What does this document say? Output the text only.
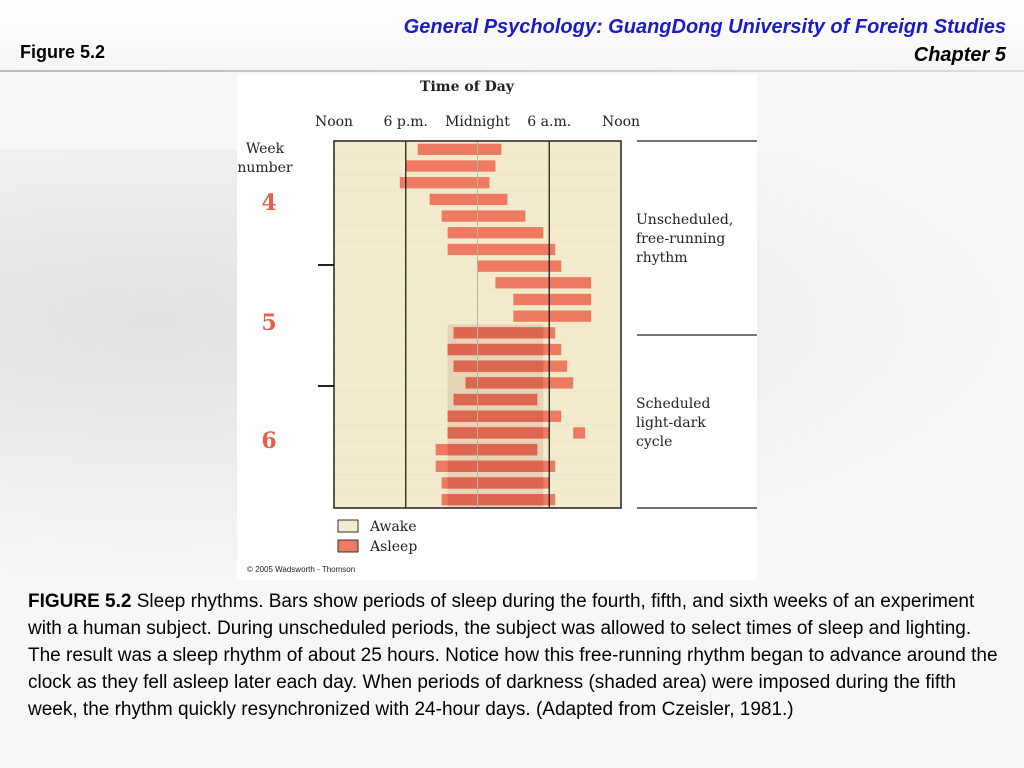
General Psychology: GuangDong University of Foreign Studies
Chapter 5
Figure 5.2
Time of Day
Noon 6 p.m. Midnight 6 a.m. Noon
Week
number
4
5
6
Unscheduled,
free-running
rhythm
Scheduled
light-dark
cycle
Awake
Asleep
© 2005 Wadsworth - Thomson
FIGURE 5.2 Sleep rhythms. Bars show periods of sleep during the fourth, fifth, and sixth weeks of an experiment with a human subject. During unscheduled periods, the subject was allowed to select times of sleep and lighting. The result was a sleep rhythm of about 25 hours. Notice how this free-running rhythm began to advance around the clock as they fell asleep later each day. When periods of darkness (shaded area) were imposed during the fifth week, the rhythm quickly resynchronized with 24-hour days. (Adapted from Czeisler, 1981.)
